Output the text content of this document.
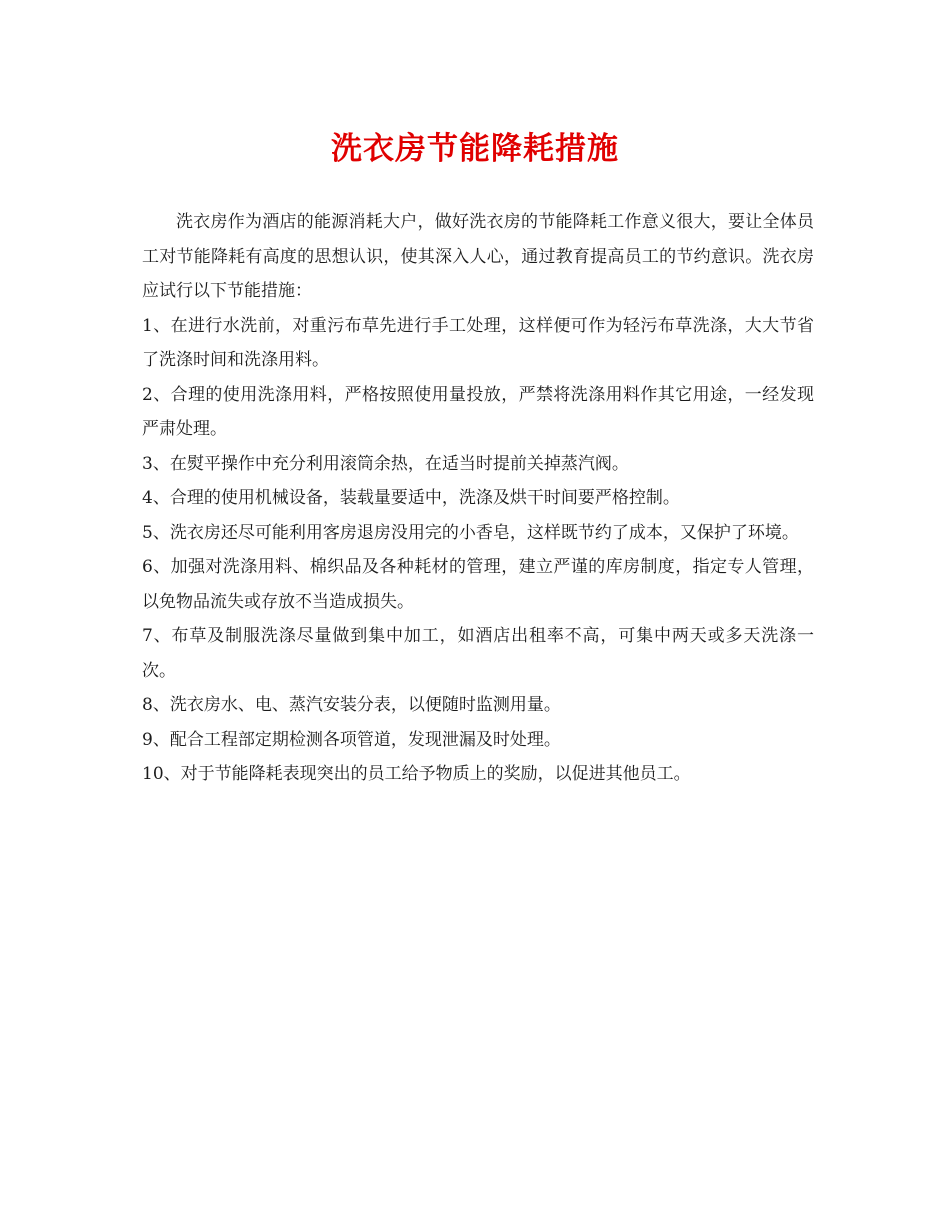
洗衣房节能降耗措施

洗衣房作为酒店的能源消耗大户，做好洗衣房的节能降耗工作意义很大，要让全体员工对节能降耗有高度的思想认识，使其深入人心，通过教育提高员工的节约意识。洗衣房应试行以下节能措施：

1、在进行水洗前，对重污布草先进行手工处理，这样便可作为轻污布草洗涤，大大节省了洗涤时间和洗涤用料。

2、合理的使用洗涤用料，严格按照使用量投放，严禁将洗涤用料作其它用途，一经发现严肃处理。

3、在熨平操作中充分利用滚筒余热，在适当时提前关掉蒸汽阀。

4、合理的使用机械设备，装载量要适中，洗涤及烘干时间要严格控制。

5、洗衣房还尽可能利用客房退房没用完的小香皂，这样既节约了成本，又保护了环境。

6、加强对洗涤用料、棉织品及各种耗材的管理，建立严谨的库房制度，指定专人管理，以免物品流失或存放不当造成损失。

7、布草及制服洗涤尽量做到集中加工，如酒店出租率不高，可集中两天或多天洗涤一次。

8、洗衣房水、电、蒸汽安装分表，以便随时监测用量。

9、配合工程部定期检测各项管道，发现泄漏及时处理。

10、对于节能降耗表现突出的员工给予物质上的奖励，以促进其他员工。
